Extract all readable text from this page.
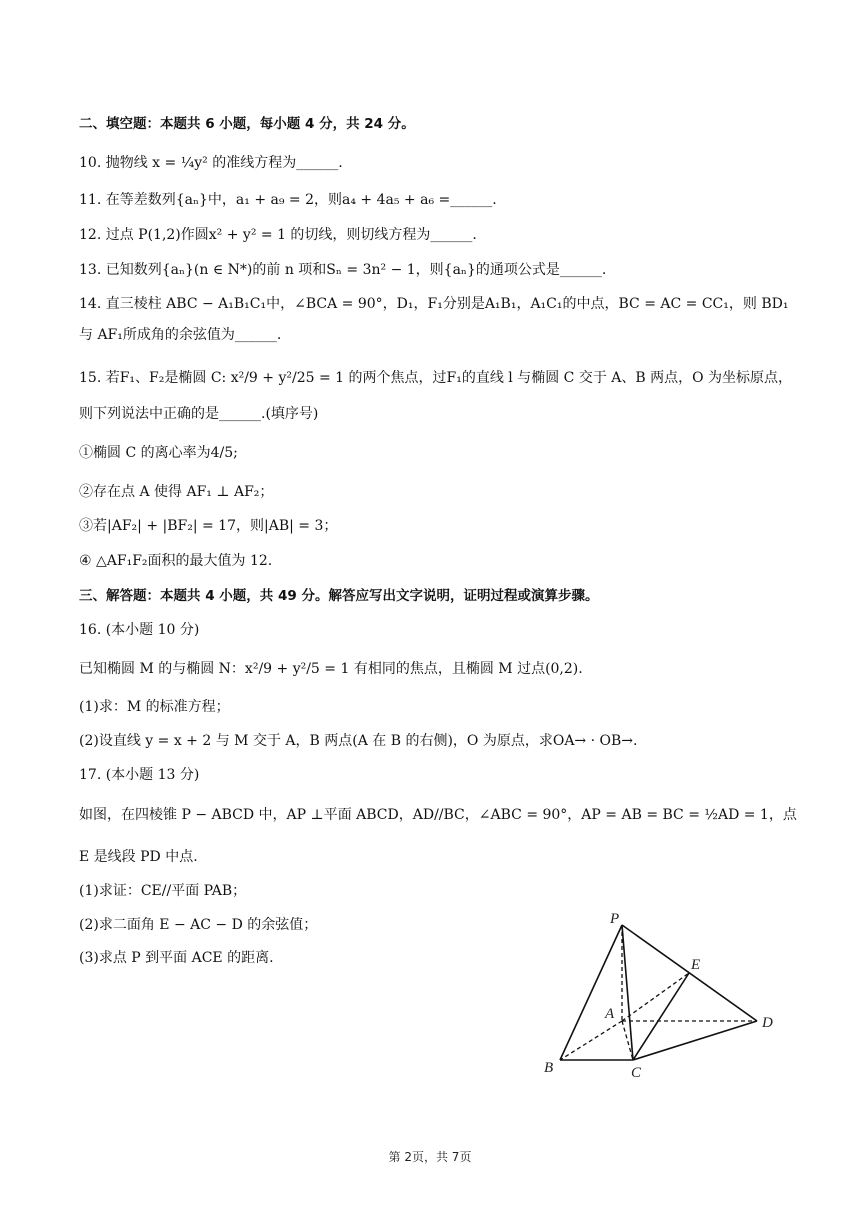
二、填空题：本题共 6 小题，每小题 4 分，共 24 分。
10. 抛物线 x = ¼y² 的准线方程为______.
11. 在等差数列{aₙ}中，a₁ + a₉ = 2，则a₄ + 4a₅ + a₆ =______.
12. 过点 P(1,2)作圆x² + y² = 1 的切线，则切线方程为______.
13. 已知数列{aₙ}(n ∈ N*)的前 n 项和Sₙ = 3n² − 1，则{aₙ}的通项公式是______.
14. 直三棱柱 ABC − A₁B₁C₁中，∠BCA = 90°，D₁，F₁分别是A₁B₁，A₁C₁的中点，BC = AC = CC₁，则 BD₁
与 AF₁所成角的余弦值为______.
15. 若F₁、F₂是椭圆 C: x²/9 + y²/25 = 1 的两个焦点，过F₁的直线 l 与椭圆 C 交于 A、B 两点，O 为坐标原点，
则下列说法中正确的是______.(填序号)
①椭圆 C 的离心率为4/5;
②存在点 A 使得 AF₁ ⊥ AF₂；
③若|AF₂| + |BF₂| = 17，则|AB| = 3；
④ △AF₁F₂面积的最大值为 12.
三、解答题：本题共 4 小题，共 49 分。解答应写出文字说明，证明过程或演算步骤。
16. (本小题 10 分)
已知椭圆 M 的与椭圆 N：x²/9 + y²/5 = 1 有相同的焦点，且椭圆 M 过点(0,2).
(1)求：M 的标准方程；
(2)设直线 y = x + 2 与 M 交于 A，B 两点(A 在 B 的右侧)，O 为原点，求OA→ · OB→.
17. (本小题 13 分)
如图，在四棱锥 P − ABCD 中，AP ⊥平面 ABCD，AD//BC，∠ABC = 90°，AP = AB = BC = ½AD = 1，点
E 是线段 PD 中点.
(1)求证：CE//平面 PAB；
(2)求二面角 E − AC − D 的余弦值；
(3)求点 P 到平面 ACE 的距离.
P
E
A
D
B	C
第 2页，共 7页
